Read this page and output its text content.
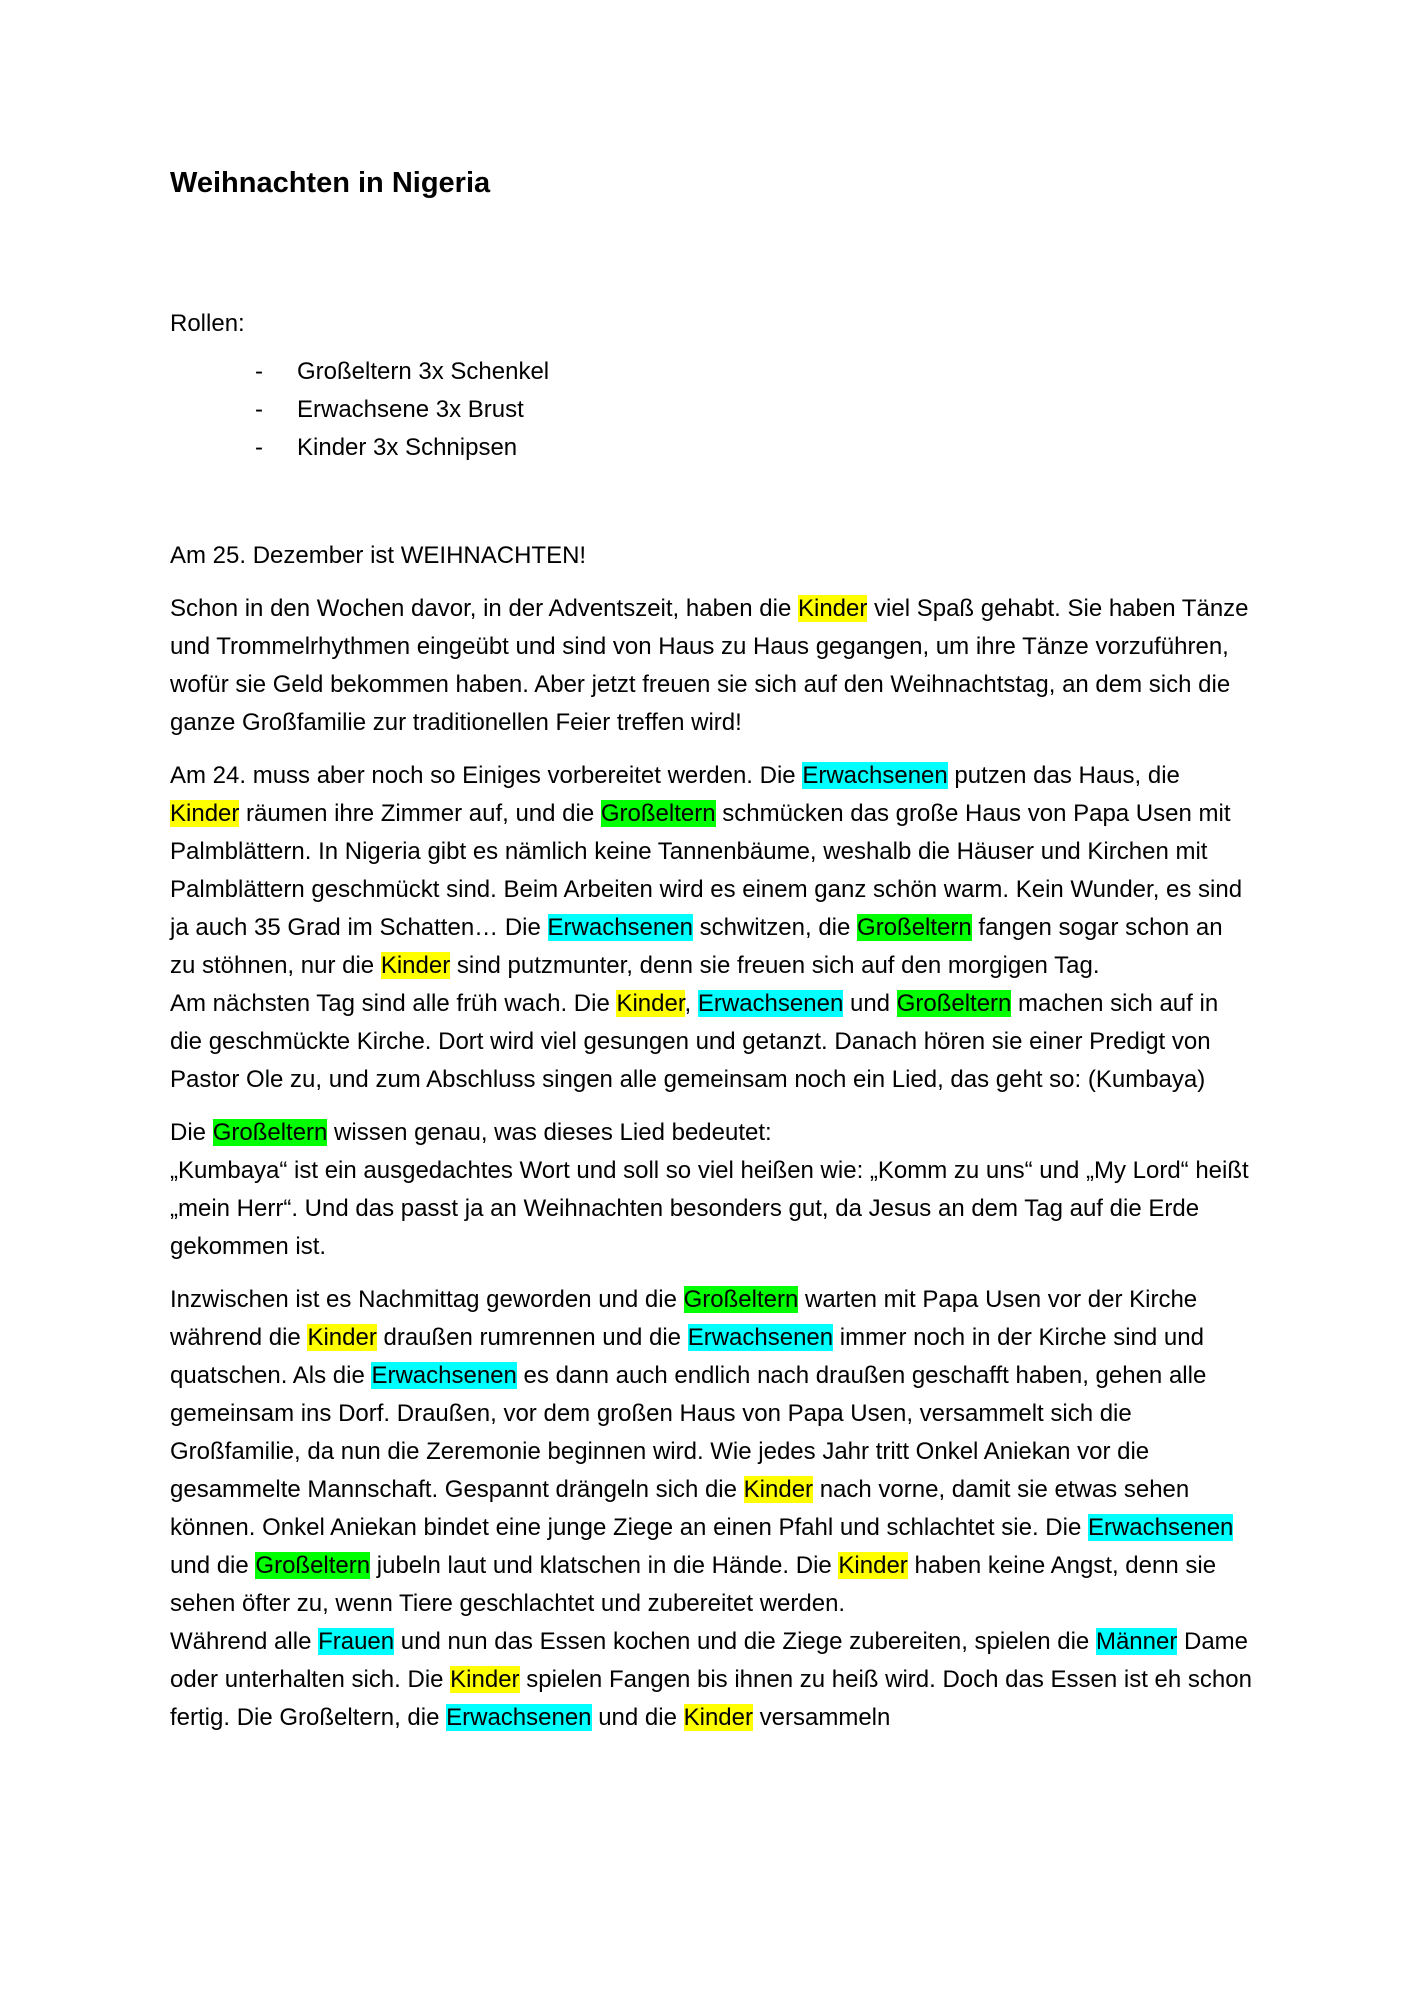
Weihnachten in Nigeria
Rollen:
- Großeltern 3x Schenkel
- Erwachsene 3x Brust
- Kinder 3x Schnipsen

Am 25. Dezember ist WEIHNACHTEN!

Schon in den Wochen davor, in der Adventszeit, haben die Kinder viel Spaß gehabt. Sie haben Tänze und Trommelrhythmen eingeübt und sind von Haus zu Haus gegangen, um ihre Tänze vorzuführen, wofür sie Geld bekommen haben. Aber jetzt freuen sie sich auf den Weihnachtstag, an dem sich die ganze Großfamilie zur traditionellen Feier treffen wird!

Am 24. muss aber noch so Einiges vorbereitet werden. Die Erwachsenen putzen das Haus, die Kinder räumen ihre Zimmer auf, und die Großeltern schmücken das große Haus von Papa Usen mit Palmblättern. In Nigeria gibt es nämlich keine Tannenbäume, weshalb die Häuser und Kirchen mit Palmblättern geschmückt sind. Beim Arbeiten wird es einem ganz schön warm. Kein Wunder, es sind ja auch 35 Grad im Schatten… Die Erwachsenen schwitzen, die Großeltern fangen sogar schon an zu stöhnen, nur die Kinder sind putzmunter, denn sie freuen sich auf den morgigen Tag.

Am nächsten Tag sind alle früh wach. Die Kinder, Erwachsenen und Großeltern machen sich auf in die geschmückte Kirche. Dort wird viel gesungen und getanzt. Danach hören sie einer Predigt von Pastor Ole zu, und zum Abschluss singen alle gemeinsam noch ein Lied, das geht so: (Kumbaya)

Die Großeltern wissen genau, was dieses Lied bedeutet:

„Kumbaya“ ist ein ausgedachtes Wort und soll so viel heißen wie: „Komm zu uns“ und „My Lord“ heißt „mein Herr“. Und das passt ja an Weihnachten besonders gut, da Jesus an dem Tag auf die Erde gekommen ist.

Inzwischen ist es Nachmittag geworden und die Großeltern warten mit Papa Usen vor der Kirche während die Kinder draußen rumrennen und die Erwachsenen immer noch in der Kirche sind und quatschen. Als die Erwachsenen es dann auch endlich nach draußen geschafft haben, gehen alle gemeinsam ins Dorf. Draußen, vor dem großen Haus von Papa Usen, versammelt sich die Großfamilie, da nun die Zeremonie beginnen wird. Wie jedes Jahr tritt Onkel Aniekan vor die gesammelte Mannschaft. Gespannt drängeln sich die Kinder nach vorne, damit sie etwas sehen können. Onkel Aniekan bindet eine junge Ziege an einen Pfahl und schlachtet sie. Die Erwachsenen und die Großeltern jubeln laut und klatschen in die Hände. Die Kinder haben keine Angst, denn sie sehen öfter zu, wenn Tiere geschlachtet und zubereitet werden.

Während alle Frauen und nun das Essen kochen und die Ziege zubereiten, spielen die Männer Dame oder unterhalten sich. Die Kinder spielen Fangen bis ihnen zu heiß wird. Doch das Essen ist eh schon fertig. Die Großeltern, die Erwachsenen und die Kinder versammeln
